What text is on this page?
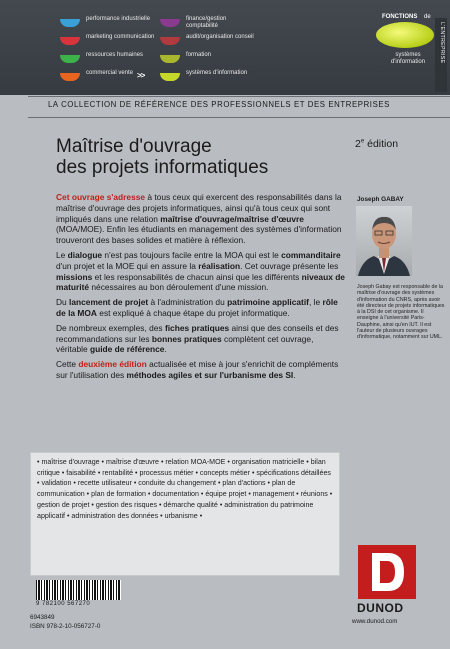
performance industrielle
marketing communication
ressources humaines
commercial vente
finance/gestion comptabilité
audit/organisation conseil
formation
systèmes d'information
>>
FONCTIONS de
L'ENTREPRISE
systèmes d'information
LA COLLECTION DE RÉFÉRENCE DES PROFESSIONNELS ET DES ENTREPRISES
Maîtrise d'ouvrage
des projets informatiques
2e édition

Cet ouvrage s'adresse à tous ceux qui exercent des responsabilités dans la maîtrise d'ouvrage des projets informatiques, ainsi qu'à tous ceux qui sont impliqués dans une relation maîtrise d'ouvrage/maîtrise d'œuvre (MOA/MOE). Enfin les étudiants en management des systèmes d'information trouveront des bases solides et matière à réflexion.

Le dialogue n'est pas toujours facile entre la MOA qui est le commanditaire d'un projet et la MOE qui en assure la réalisation. Cet ouvrage présente les missions et les responsabilités de chacun ainsi que les différents niveaux de maturité nécessaires au bon déroulement d'une mission.

Du lancement de projet à l'administration du patrimoine applicatif, le rôle de la MOA est expliqué à chaque étape du projet informatique.

De nombreux exemples, des fiches pratiques ainsi que des conseils et des recommandations sur les bonnes pratiques complètent cet ouvrage, véritable guide de référence.

Cette deuxième édition actualisée et mise à jour s'enrichit de compléments sur l'utilisation des méthodes agiles et sur l'urbanisme des SI.

Joseph GABAY
Joseph Gabay est responsable de la maîtrise d'ouvrage des systèmes d'information du CNRS, après avoir été directeur de projets informatiques à la DSI de cet organisme. Il enseigne à l'université Paris-Dauphine, ainsi qu'en IUT. Il est l'auteur de plusieurs ouvrages d'informatique, notamment sur UML.
• maîtrise d'ouvrage • maîtrise d'œuvre • relation MOA-MOE • organisation matricielle • bilan critique • faisabilité • rentabilité • processus métier • concepts métier • spécifications détaillées • validation • recette utilisateur • conduite du changement • plan d'actions • plan de communication • plan de formation • documentation • équipe projet • management • réunions • gestion de projet • gestion des risques • démarche qualité • administration du patrimoine applicatif • administration des données • urbanisme •
9 782100 567270
6943849
ISBN 978-2-10-056727-0
DUNOD
www.dunod.com
